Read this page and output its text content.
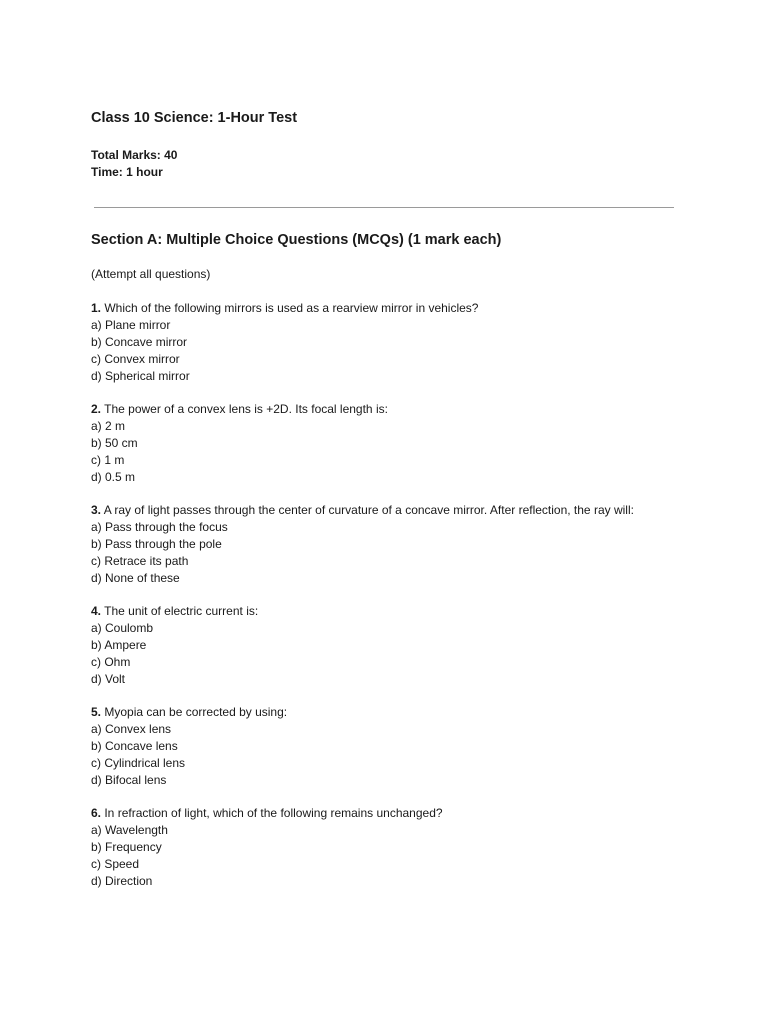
Class 10 Science: 1-Hour Test
Total Marks: 40
Time: 1 hour
Section A: Multiple Choice Questions (MCQs) (1 mark each)
(Attempt all questions)
1. Which of the following mirrors is used as a rearview mirror in vehicles?
a) Plane mirror
b) Concave mirror
c) Convex mirror
d) Spherical mirror
2. The power of a convex lens is +2D. Its focal length is:
a) 2 m
b) 50 cm
c) 1 m
d) 0.5 m
3. A ray of light passes through the center of curvature of a concave mirror. After reflection, the ray will:
a) Pass through the focus
b) Pass through the pole
c) Retrace its path
d) None of these
4. The unit of electric current is:
a) Coulomb
b) Ampere
c) Ohm
d) Volt
5. Myopia can be corrected by using:
a) Convex lens
b) Concave lens
c) Cylindrical lens
d) Bifocal lens
6. In refraction of light, which of the following remains unchanged?
a) Wavelength
b) Frequency
c) Speed
d) Direction
